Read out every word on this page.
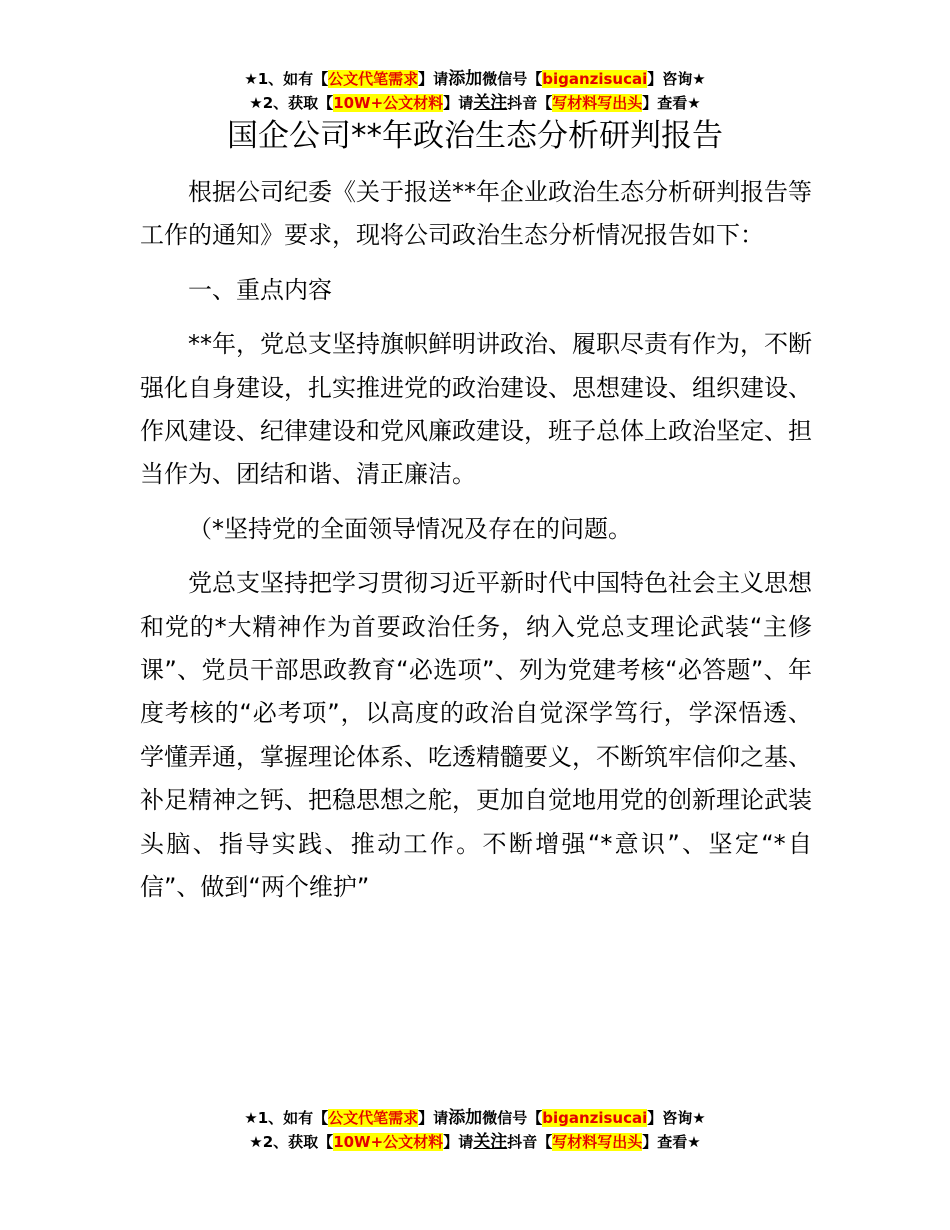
★1、如有【公文代笔需求】请添加微信号【biganzisucai】咨询★
★2、获取【10W+公文材料】请关注抖音【写材料写出头】查看★
国企公司**年政治生态分析研判报告

根据公司纪委《关于报送**年企业政治生态分析研判报告等工作的通知》要求，现将公司政治生态分析情况报告如下：

一、重点内容

**年，党总支坚持旗帜鲜明讲政治、履职尽责有作为，不断强化自身建设，扎实推进党的政治建设、思想建设、组织建设、作风建设、纪律建设和党风廉政建设，班子总体上政治坚定、担当作为、团结和谐、清正廉洁。

（*坚持党的全面领导情况及存在的问题。

党总支坚持把学习贯彻习近平新时代中国特色社会主义思想和党的*大精神作为首要政治任务，纳入党总支理论武装“主修课”、党员干部思政教育“必选项”、列为党建考核“必答题”、年度考核的“必考项”，以高度的政治自觉深学笃行，学深悟透、学懂弄通，掌握理论体系、吃透精髓要义，不断筑牢信仰之基、补足精神之钙、把稳思想之舵，更加自觉地用党的创新理论武装头脑、指导实践、推动工作。不断增强“*意识”、坚定“*自信”、做到“两个维护”

★1、如有【公文代笔需求】请添加微信号【biganzisucai】咨询★
★2、获取【10W+公文材料】请关注抖音【写材料写出头】查看★
